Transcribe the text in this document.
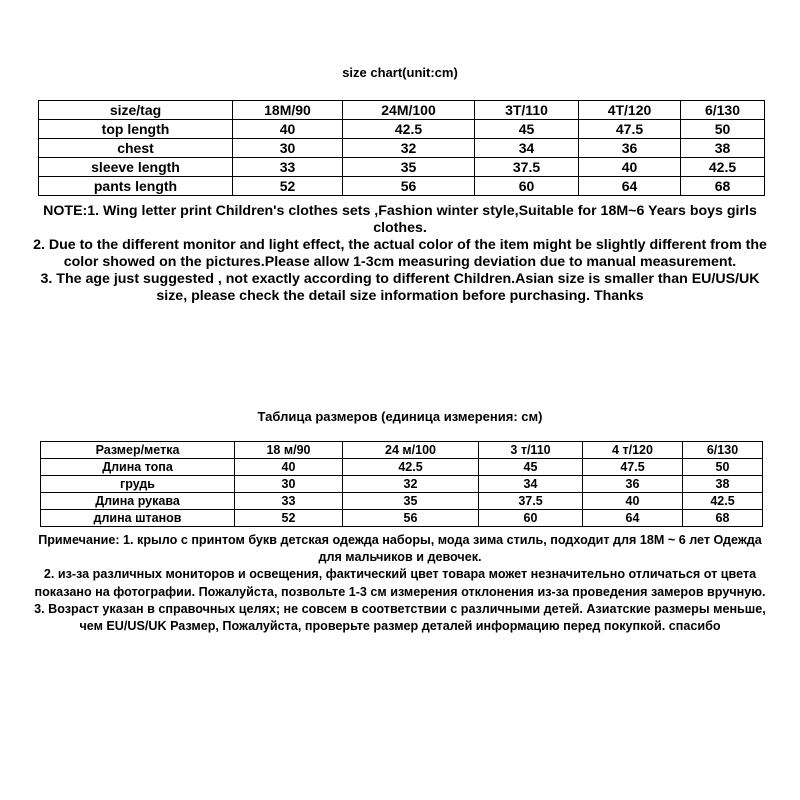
size chart(unit:cm)
size/tag	18M/90	24M/100	3T/110	4T/120	6/130
top length	40	42.5	45	47.5	50
chest	30	32	34	36	38
sleeve length	33	35	37.5	40	42.5
pants length	52	56	60	64	68

NOTE:1. Wing letter print Children's clothes sets ,Fashion winter style,Suitable for 18M~6 Years boys girls clothes.

2. Due to the different monitor and light effect, the actual color of the item might be slightly different from the color showed on the pictures.Please allow 1-3cm measuring deviation due to manual measurement.

3. The age just suggested , not exactly according to different Children.Asian size is smaller than EU/US/UK size, please check the detail size information before purchasing. Thanks

Таблица размеров (единица измерения: см)
Размер/метка	18 м/90	24 м/100	3 т/110	4 т/120	6/130
Длина топа	40	42.5	45	47.5	50
грудь	30	32	34	36	38
Длина рукава	33	35	37.5	40	42.5
длина штанов	52	56	60	64	68

Примечание: 1. крыло с принтом букв детская одежда наборы, мода зима стиль, подходит для 18M ~ 6 лет Одежда для мальчиков и девочек.

2. из-за различных мониторов и освещения, фактический цвет товара может незначительно отличаться от цвета показано на фотографии. Пожалуйста, позвольте 1-3 см измерения отклонения из-за проведения замеров вручную.

3. Возраст указан в справочных целях; не совсем в соответствии с различными детей. Азиатские размеры меньше, чем EU/US/UK Размер, Пожалуйста, проверьте размер деталей информацию перед покупкой. спасибо
